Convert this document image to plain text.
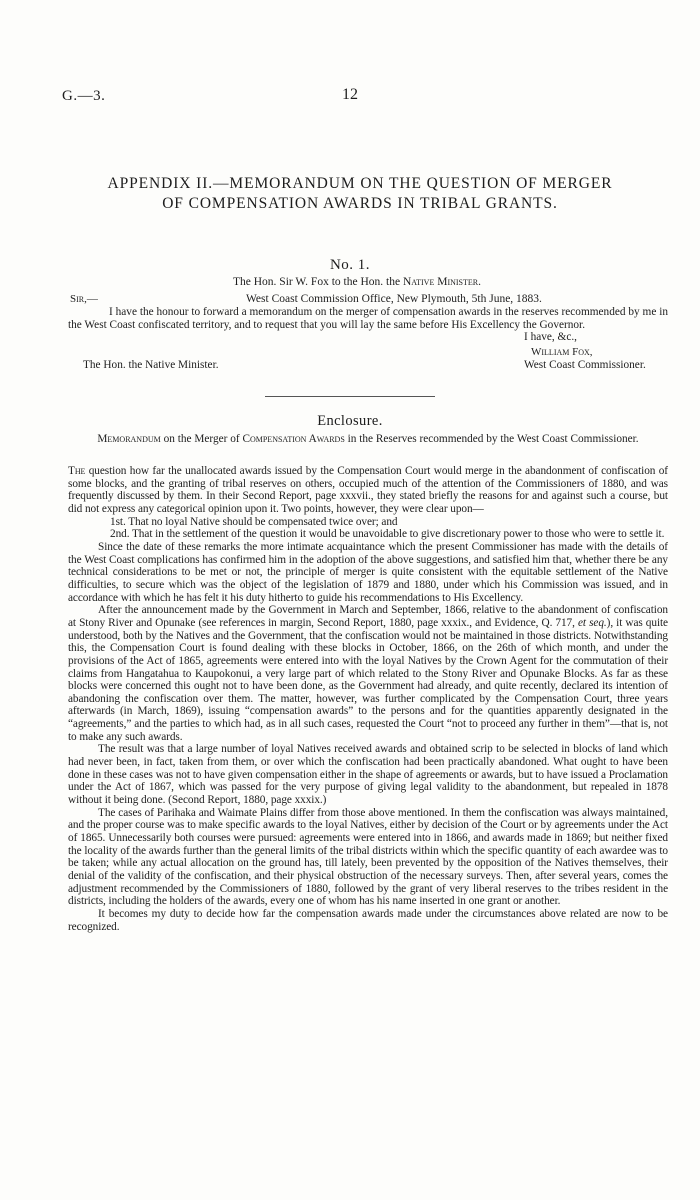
G.—3.	12
APPENDIX II.—MEMORANDUM ON THE QUESTION OF MERGER
OF COMPENSATION AWARDS IN TRIBAL GRANTS.
No. 1.
The Hon. Sir W. Fox to the Hon. the Native Minister.
Sir,—	West Coast Commission Office, New Plymouth, 5th June, 1883.

I have the honour to forward a memorandum on the merger of compensation awards in the reserves recommended by me in the West Coast confiscated territory, and to request that you will lay the same before His Excellency the Governor.

I have, &c.,
William Fox,
The Hon. the Native Minister.	West Coast Commissioner.
Enclosure.
Memorandum on the Merger of Compensation Awards in the Reserves recommended by the West Coast Commissioner.

The question how far the unallocated awards issued by the Compensation Court would merge in the abandonment of confiscation of some blocks, and the granting of tribal reserves on others, occupied much of the attention of the Commissioners of 1880, and was frequently discussed by them. In their Second Report, page xxxvii., they stated briefly the reasons for and against such a course, but did not express any categorical opinion upon it. Two points, however, they were clear upon—

1st. That no loyal Native should be compensated twice over; and

2nd. That in the settlement of the question it would be unavoidable to give discretionary power to those who were to settle it.

Since the date of these remarks the more intimate acquaintance which the present Commissioner has made with the details of the West Coast complications has confirmed him in the adoption of the above suggestions, and satisfied him that, whether there be any technical considerations to be met or not, the principle of merger is quite consistent with the equitable settlement of the Native difficulties, to secure which was the object of the legislation of 1879 and 1880, under which his Commission was issued, and in accordance with which he has felt it his duty hitherto to guide his recommendations to His Excellency.

After the announcement made by the Government in March and September, 1866, relative to the abandonment of confiscation at Stony River and Opunake (see references in margin, Second Report, 1880, page xxxix., and Evidence, Q. 717, et seq.), it was quite understood, both by the Natives and the Government, that the confiscation would not be maintained in those districts. Notwithstanding this, the Compensation Court is found dealing with these blocks in October, 1866, on the 26th of which month, and under the provisions of the Act of 1865, agreements were entered into with the loyal Natives by the Crown Agent for the commutation of their claims from Hangatahua to Kaupokonui, a very large part of which related to the Stony River and Opunake Blocks. As far as these blocks were concerned this ought not to have been done, as the Government had already, and quite recently, declared its intention of abandoning the confiscation over them. The matter, however, was further complicated by the Compensation Court, three years afterwards (in March, 1869), issuing “compensation awards” to the persons and for the quantities apparently designated in the “agreements,” and the parties to which had, as in all such cases, requested the Court “not to proceed any further in them”—that is, not to make any such awards.

The result was that a large number of loyal Natives received awards and obtained scrip to be selected in blocks of land which had never been, in fact, taken from them, or over which the confiscation had been practically abandoned. What ought to have been done in these cases was not to have given compensation either in the shape of agreements or awards, but to have issued a Proclamation under the Act of 1867, which was passed for the very purpose of giving legal validity to the abandonment, but repealed in 1878 without it being done. (Second Report, 1880, page xxxix.)

The cases of Parihaka and Waimate Plains differ from those above mentioned. In them the confiscation was always maintained, and the proper course was to make specific awards to the loyal Natives, either by decision of the Court or by agreements under the Act of 1865. Unnecessarily both courses were pursued: agreements were entered into in 1866, and awards made in 1869; but neither fixed the locality of the awards further than the general limits of the tribal districts within which the specific quantity of each awardee was to be taken; while any actual allocation on the ground has, till lately, been prevented by the opposition of the Natives themselves, their denial of the validity of the confiscation, and their physical obstruction of the necessary surveys. Then, after several years, comes the adjustment recommended by the Commissioners of 1880, followed by the grant of very liberal reserves to the tribes resident in the districts, including the holders of the awards, every one of whom has his name inserted in one grant or another.

It becomes my duty to decide how far the compensation awards made under the circumstances above related are now to be recognized.
